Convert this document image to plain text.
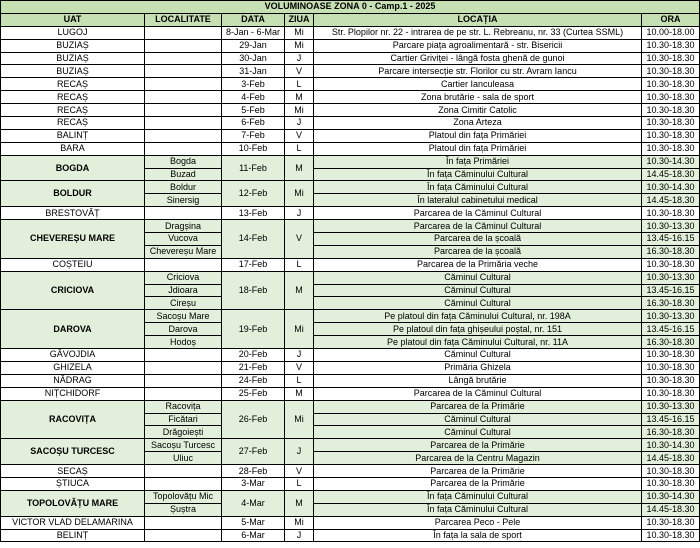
VOLUMINOASE ZONA 0 - Camp.1 - 2025					
UAT	LOCALITATE	DATA	ZIUA	LOCAȚIA	ORA
LUGOJ		8-Jan - 6-Mar	Mi	Str. Plopilor nr. 22 - intrarea de pe str. L. Rebreanu, nr. 33 (Curtea SSML)	10.00-18.00
BUZIAȘ		29-Jan	Mi	Parcare piața agroalimentară - str. Bisericii	10.30-18.30
BUZIAȘ		30-Jan	J	Cartier Griviței - lângă fosta ghenă de gunoi	10.30-18.30
BUZIAȘ		31-Jan	V	Parcare intersecție str. Florilor cu str. Avram Iancu	10.30-18.30
RECAȘ		3-Feb	L	Cartier Ianculeasa	10.30-18.30
RECAȘ		4-Feb	M	Zona brutărie - sala de sport	10.30-18.30
RECAȘ		5-Feb	Mi	Zona Cimitir Catolic	10.30-18.30
RECAȘ		6-Feb	J	Zona Arteza	10.30-18.30
BALINȚ		7-Feb	V	Platoul din fața Primăriei	10.30-18.30
BARA		10-Feb	L	Platoul din fața Primăriei	10.30-18.30
BOGDA	Bogda	11-Feb	M	În fața Primăriei	10.30-14.30
	Buzad			În fața Căminului Cultural	14.45-18.30
BOLDUR	Boldur	12-Feb	Mi	În fața Căminului Cultural	10.30-14.30
	Sinersig			În lateralul cabinetului medical	14.45-18.30
BRESTOVĂȚ		13-Feb	J	Parcarea de la Căminul Cultural	10.30-18.30
CHEVEREȘU MARE	Dragșina	14-Feb	V	Parcarea de la Căminul Cultural	10.30-13.30
	Vucova			Parcarea de la școală	13.45-16.15
	Chevereșu Mare			Parcarea de la școală	16.30-18.30
COȘTEIU		17-Feb	L	Parcarea de la Primăria veche	10.30-18.30
CRICIOVA	Criciova	18-Feb	M	Căminul Cultural	10.30-13.30
	Jdioara			Căminul Cultural	13.45-16.15
	Cireșu			Căminul Cultural	16.30-18.30
DAROVA	Sacoșu Mare	19-Feb	Mi	Pe platoul din fața Căminului Cultural, nr. 198A	10.30-13.30
	Darova			Pe platoul din fața ghișeului poștal, nr. 151	13.45-16.15
	Hodoș			Pe platoul din fața Căminului Cultural, nr. 11A	16.30-18.30
GĂVOJDIA		20-Feb	J	Căminul Cultural	10.30-18.30
GHIZELA		21-Feb	V	Primăria Ghizela	10.30-18.30
NĂDRAG		24-Feb	L	Lângă brutărie	10.30-18.30
NIȚCHIDORF		25-Feb	M	Parcarea de la Căminul Cultural	10.30-18.30
RACOVIȚA	Racovița	26-Feb	Mi	Parcarea de la Primărie	10.30-13.30
	Ficătari			Căminul Cultural	13.45-16.15
	Drăgoiești			Căminul Cultural	16.30-18.30
SACOȘU TURCESC	Sacoșu Turcesc	27-Feb	J	Parcarea de la Primărie	10.30-14.30
	Uliuc			Parcarea de la Centru Magazin	14.45-18.30
SECAȘ		28-Feb	V	Parcarea de la Primărie	10.30-18.30
ȘTIUCA		3-Mar	L	Parcarea de la Primărie	10.30-18.30
TOPOLOVĂȚU MARE	Topolovățu Mic	4-Mar	M	În fața Căminului Cultural	10.30-14.30
	Șuștra			În fața Căminului Cultural	14.45-18.30
VICTOR VLAD DELAMARINA		5-Mar	Mi	Parcarea Peco - Pele	10.30-18.30
BELINȚ		6-Mar	J	În fața la sala de sport	10.30-18.30
